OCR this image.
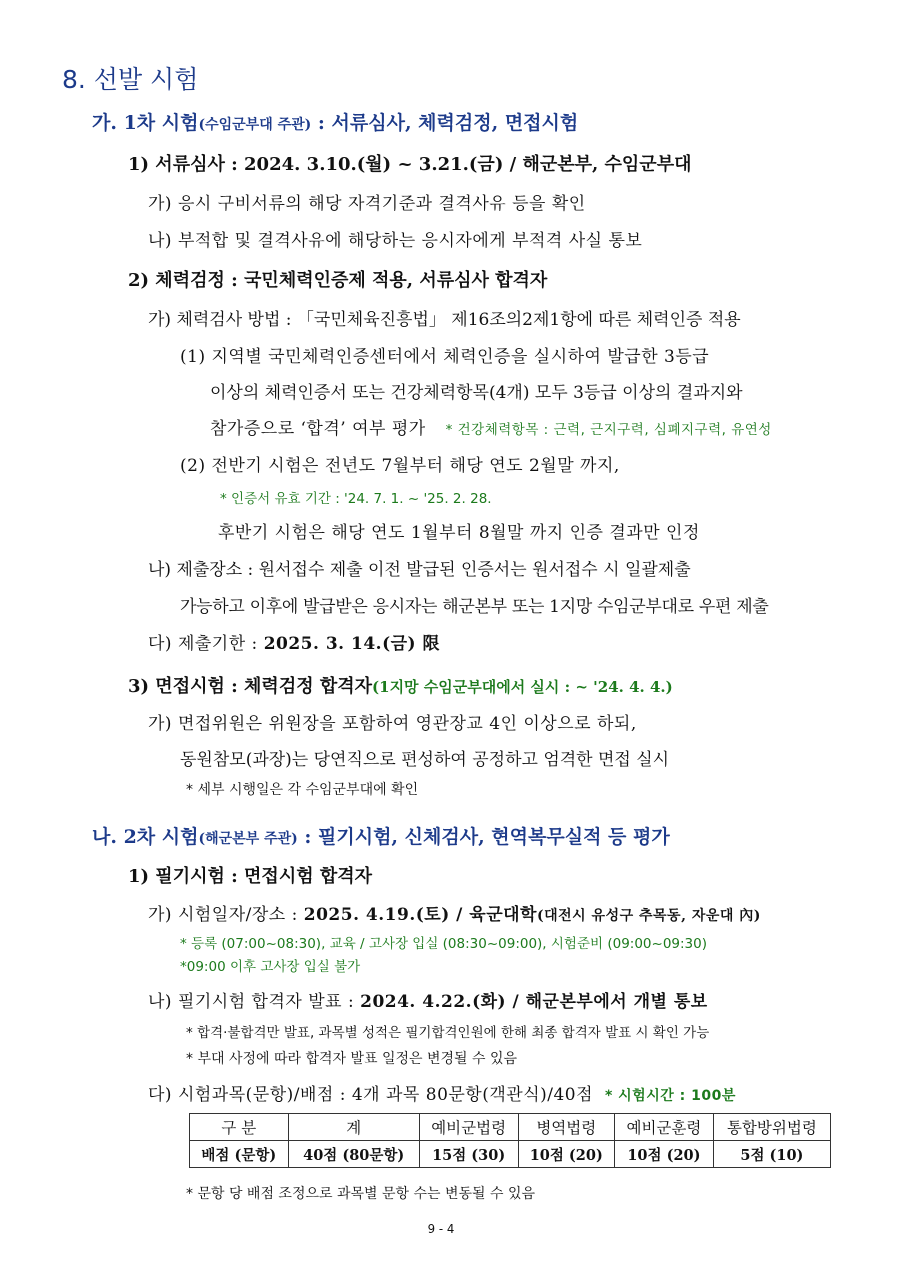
8. 선발 시험
가. 1차 시험(수임군부대 주관) : 서류심사, 체력검정, 면접시험
1) 서류심사 : 2024. 3.10.(월) ~ 3.21.(금) / 해군본부, 수임군부대
가) 응시 구비서류의 해당 자격기준과 결격사유 등을 확인
나) 부적합 및 결격사유에 해당하는 응시자에게 부적격 사실 통보
2) 체력검정 : 국민체력인증제 적용, 서류심사 합격자
가) 체력검사 방법 : 「국민체육진흥법」 제16조의2제1항에 따른 체력인증 적용
(1) 지역별 국민체력인증센터에서 체력인증을 실시하여 발급한 3등급
이상의 체력인증서 또는 건강체력항목(4개) 모두 3등급 이상의 결과지와
참가증으로 ‘합격’ 여부 평가 * 건강체력항목 : 근력, 근지구력, 심폐지구력, 유연성
(2) 전반기 시험은 전년도 7월부터 해당 연도 2월말 까지,
* 인증서 유효 기간 : '24. 7. 1. ~ '25. 2. 28.
후반기 시험은 해당 연도 1월부터 8월말 까지 인증 결과만 인정
나) 제출장소 : 원서접수 제출 이전 발급된 인증서는 원서접수 시 일괄제출
가능하고 이후에 발급받은 응시자는 해군본부 또는 1지망 수임군부대로 우편 제출
다) 제출기한 : 2025. 3. 14.(금) 限
3) 면접시험 : 체력검정 합격자(1지망 수임군부대에서 실시 : ~ '24. 4. 4.)
가) 면접위원은 위원장을 포함하여 영관장교 4인 이상으로 하되,
동원참모(과장)는 당연직으로 편성하여 공정하고 엄격한 면접 실시
* 세부 시행일은 각 수임군부대에 확인
나. 2차 시험(해군본부 주관) : 필기시험, 신체검사, 현역복무실적 등 평가
1) 필기시험 : 면접시험 합격자
가) 시험일자/장소 : 2025. 4.19.(토) / 육군대학(대전시 유성구 추목동, 자운대 內)
* 등록 (07:00~08:30), 교육 / 고사장 입실 (08:30~09:00), 시험준비 (09:00~09:30)
*09:00 이후 고사장 입실 불가
나) 필기시험 합격자 발표 : 2024. 4.22.(화) / 해군본부에서 개별 통보
* 합격·불합격만 발표, 과목별 성적은 필기합격인원에 한해 최종 합격자 발표 시 확인 가능
* 부대 사정에 따라 합격자 발표 일정은 변경될 수 있음
다) 시험과목(문항)/배점 : 4개 과목 80문항(객관식)/40점 * 시험시간 : 100분
구 분	계	예비군법령	병역법령	예비군훈령	통합방위법령
배점 (문항)	40점 (80문항)	15점 (30)	10점 (20)	10점 (20)	5점 (10)
* 문항 당 배점 조정으로 과목별 문항 수는 변동될 수 있음
9 - 4
